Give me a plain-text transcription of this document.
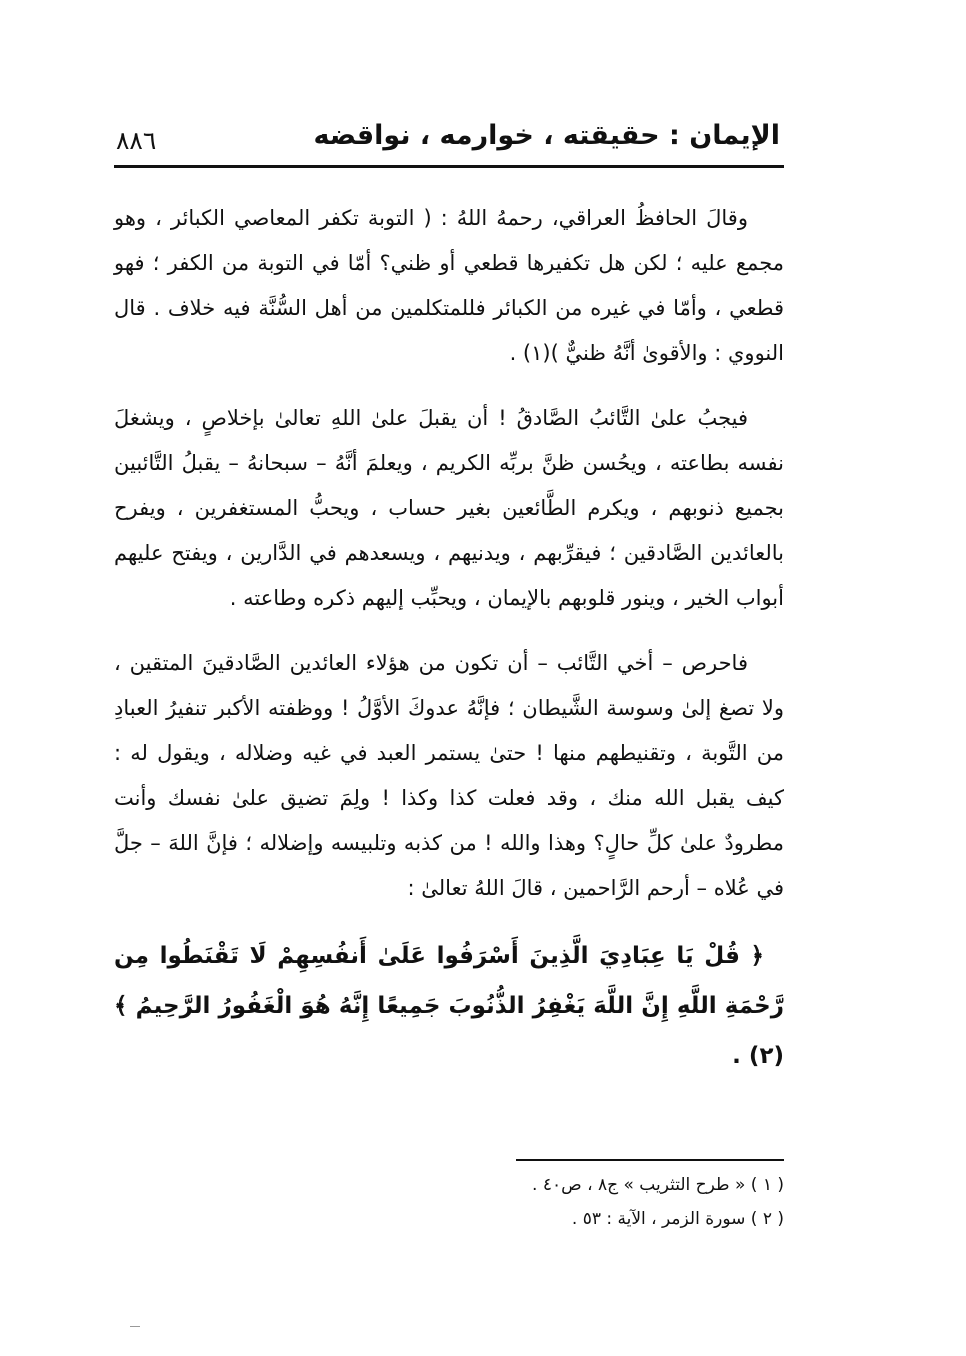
٨٨٦	الإيمان : حقيقته ، خوارمه ، نواقضه

وقالَ الحافظُ العراقي، رحمهُ اللهُ : ( التوبة تكفر المعاصي الكبائر ، وهو مجمع عليه ؛ لكن هل تكفيرها قطعي أو ظني؟ أمّا في التوبة من الكفر ؛ فهو قطعي ، وأمّا في غيره من الكبائر فللمتكلمين من أهل السُّنَّة فيه خلاف . قال النووي : والأقوىٰ أنَّهُ ظنيٌّ )(١) .

فيجبُ علىٰ التَّائبُ الصَّادقُ ! أن يقبلَ علىٰ اللهِ تعالىٰ بإخلاصٍ ، ويشغلَ نفسه بطاعته ، ويحُسن ظنَّ بربِّه الكريم ، ويعلمَ أنَّهُ – سبحانهُ – يقبلُ التَّائبين بجميع ذنوبهم ، ويكرم الطَّائعين بغير حساب ، ويحبُّ المستغفرين ، ويفرح بالعائدين الصَّادقين ؛ فيقرِّبهم ، ويدنيهم ، ويسعدهم في الدَّارين ، ويفتح عليهم أبواب الخير ، وينور قلوبهم بالإيمان ، ويحبِّب إليهم ذكره وطاعته .

فاحرص – أخي التَّائب – أن تكون من هؤلاء العائدين الصَّادقينَ المتقين ، ولا تصغ إلىٰ وسوسة الشَّيطان ؛ فإنَّهُ عدوكَ الأوَّلُ ! ووظفته الأكبر تنفيرُ العبادِ من التَّوبة ، وتقنيطهم منها ! حتىٰ يستمر العبد في غيه وضلاله ، ويقول له : كيف يقبل الله منك ، وقد فعلت كذا وكذا ! ولِمَ تضيق علىٰ نفسك وأنت مطرودٌ علىٰ كلِّ حالٍ؟ وهذا والله ! من كذبه وتلبيسه وإضلاله ؛ فإنَّ اللهَ – جلَّ في عُلاه – أرحم الرَّاحمين ، قالَ اللهُ تعالىٰ :

﴿ قُلْ يَا عِبَادِيَ الَّذِينَ أَسْرَفُوا عَلَىٰ أَنفُسِهِمْ لَا تَقْنَطُوا مِن رَّحْمَةِ اللَّهِ إِنَّ اللَّهَ يَغْفِرُ الذُّنُوبَ جَمِيعًا إِنَّهُ هُوَ الْغَفُورُ الرَّحِيمُ ﴾(٢) .

( ١ ) « طرح التثريب » ج٨ ، ص٤٠ .

( ٢ ) سورة الزمر ، الآية : ٥٣ .
